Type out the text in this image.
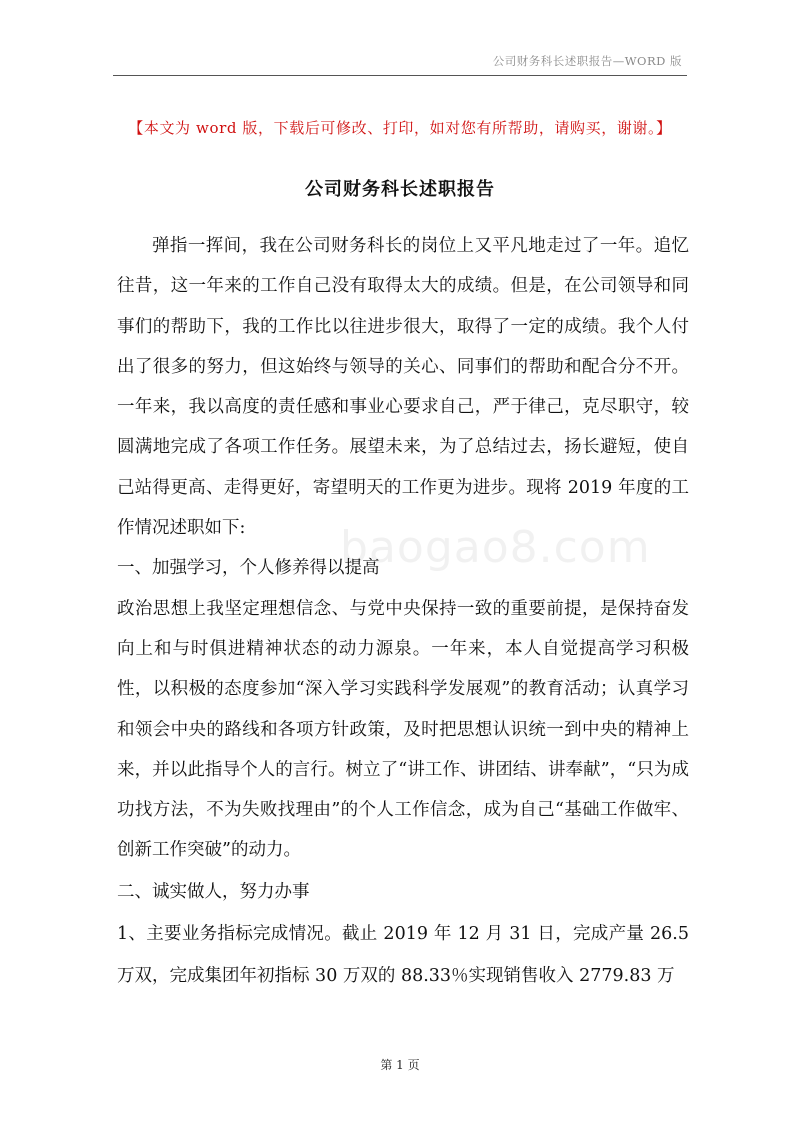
公司财务科长述职报告—WORD 版
【本文为 word 版，下载后可修改、打印，如对您有所帮助，请购买，谢谢。】
公司财务科长述职报告
baogao8.com

弹指一挥间，我在公司财务科长的岗位上又平凡地走过了一年。追忆往昔，这一年来的工作自己没有取得太大的成绩。但是，在公司领导和同事们的帮助下，我的工作比以往进步很大，取得了一定的成绩。我个人付出了很多的努力，但这始终与领导的关心、同事们的帮助和配合分不开。一年来，我以高度的责任感和事业心要求自己，严于律己，克尽职守，较圆满地完成了各项工作任务。展望未来，为了总结过去，扬长避短，使自己站得更高、走得更好，寄望明天的工作更为进步。现将 2019 年度的工作情况述职如下:

一、加强学习，个人修养得以提高

政治思想上我坚定理想信念、与党中央保持一致的重要前提，是保持奋发向上和与时俱进精神状态的动力源泉。一年来，本人自觉提高学习积极性，以积极的态度参加“深入学习实践科学发展观”的教育活动；认真学习和领会中央的路线和各项方针政策，及时把思想认识统一到中央的精神上来，并以此指导个人的言行。树立了“讲工作、讲团结、讲奉献”，“只为成功找方法，不为失败找理由”的个人工作信念，成为自己“基础工作做牢、创新工作突破”的动力。

二、诚实做人，努力办事

1、主要业务指标完成情况。截止 2019 年 12 月 31 日，完成产量 26.5 万双，完成集团年初指标 30 万双的 88.33％实现销售收入 2779.83 万

第 1 页
